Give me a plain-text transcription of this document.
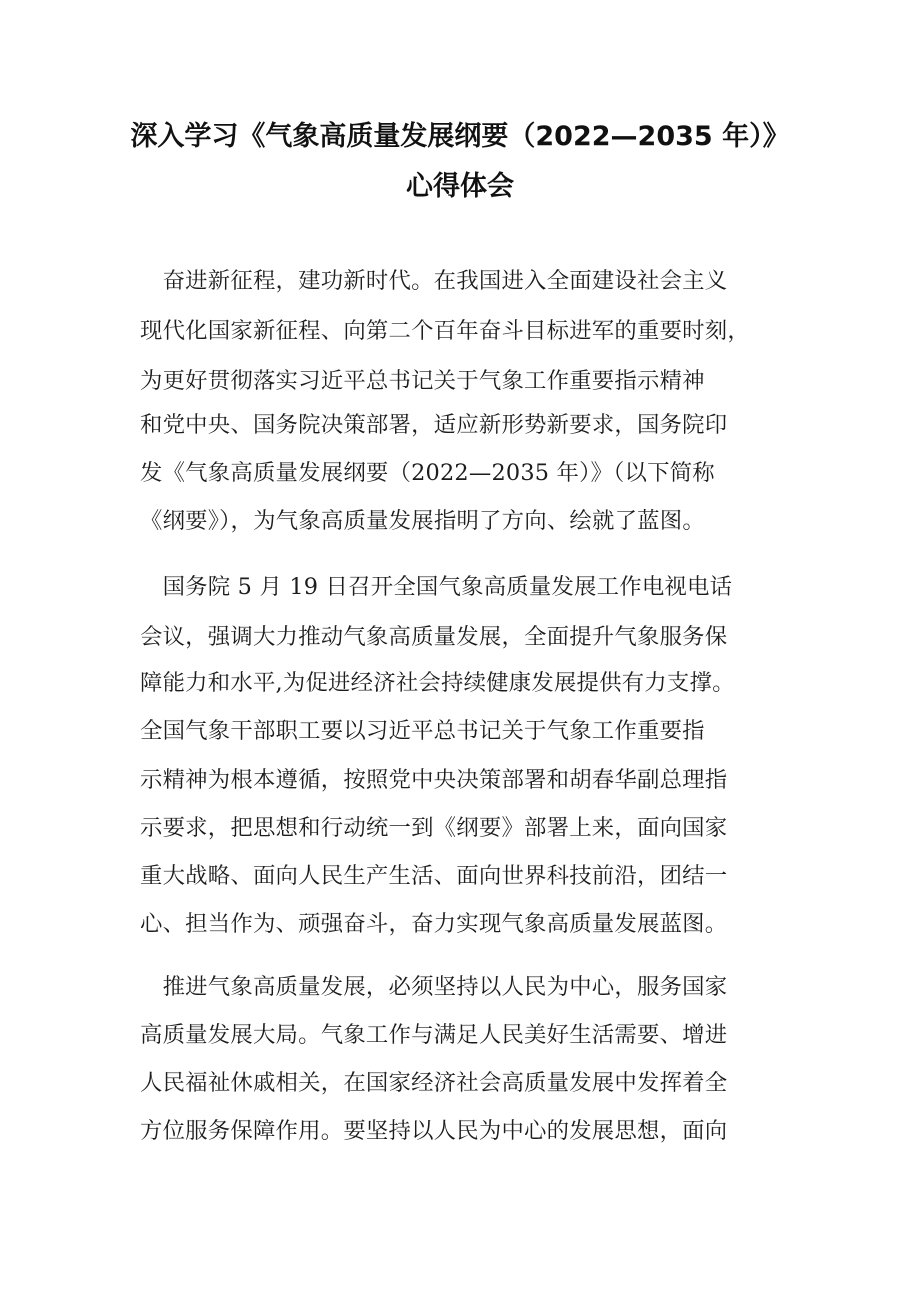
深入学习《气象高质量发展纲要（2022—2035 年）》
心得体会
　奋进新征程，建功新时代。在我国进入全面建设社会主义
现代化国家新征程、向第二个百年奋斗目标进军的重要时刻，
为更好贯彻落实习近平总书记关于气象工作重要指示精神
和党中央、国务院决策部署，适应新形势新要求，国务院印
发《气象高质量发展纲要（2022—2035 年）》（以下简称
《纲要》），为气象高质量发展指明了方向、绘就了蓝图。
　国务院 5 月 19 日召开全国气象高质量发展工作电视电话
会议，强调大力推动气象高质量发展，全面提升气象服务保
障能力和水平,为促进经济社会持续健康发展提供有力支撑。
全国气象干部职工要以习近平总书记关于气象工作重要指
示精神为根本遵循，按照党中央决策部署和胡春华副总理指
示要求，把思想和行动统一到《纲要》部署上来，面向国家
重大战略、面向人民生产生活、面向世界科技前沿，团结一
心、担当作为、顽强奋斗，奋力实现气象高质量发展蓝图。
　推进气象高质量发展，必须坚持以人民为中心，服务国家
高质量发展大局。气象工作与满足人民美好生活需要、增进
人民福祉休戚相关，在国家经济社会高质量发展中发挥着全
方位服务保障作用。要坚持以人民为中心的发展思想，面向
